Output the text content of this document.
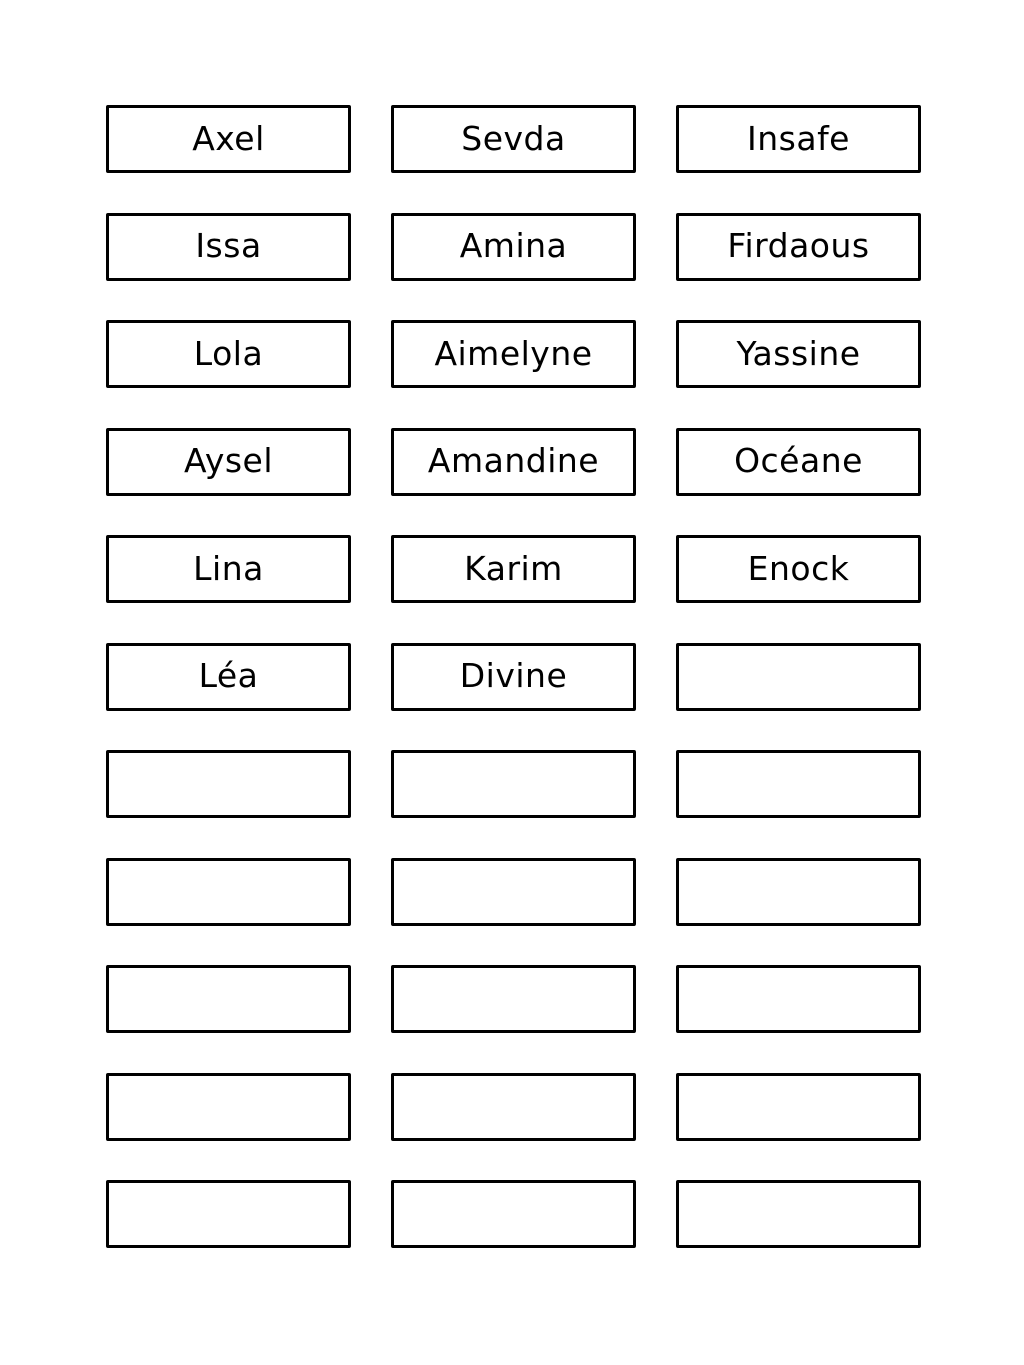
Axel	Sevda	Insafe
Issa	Amina	Firdaous
Lola	Aimelyne	Yassine
Aysel	Amandine	Océane
Lina	Karim	Enock
Léa	Divine
